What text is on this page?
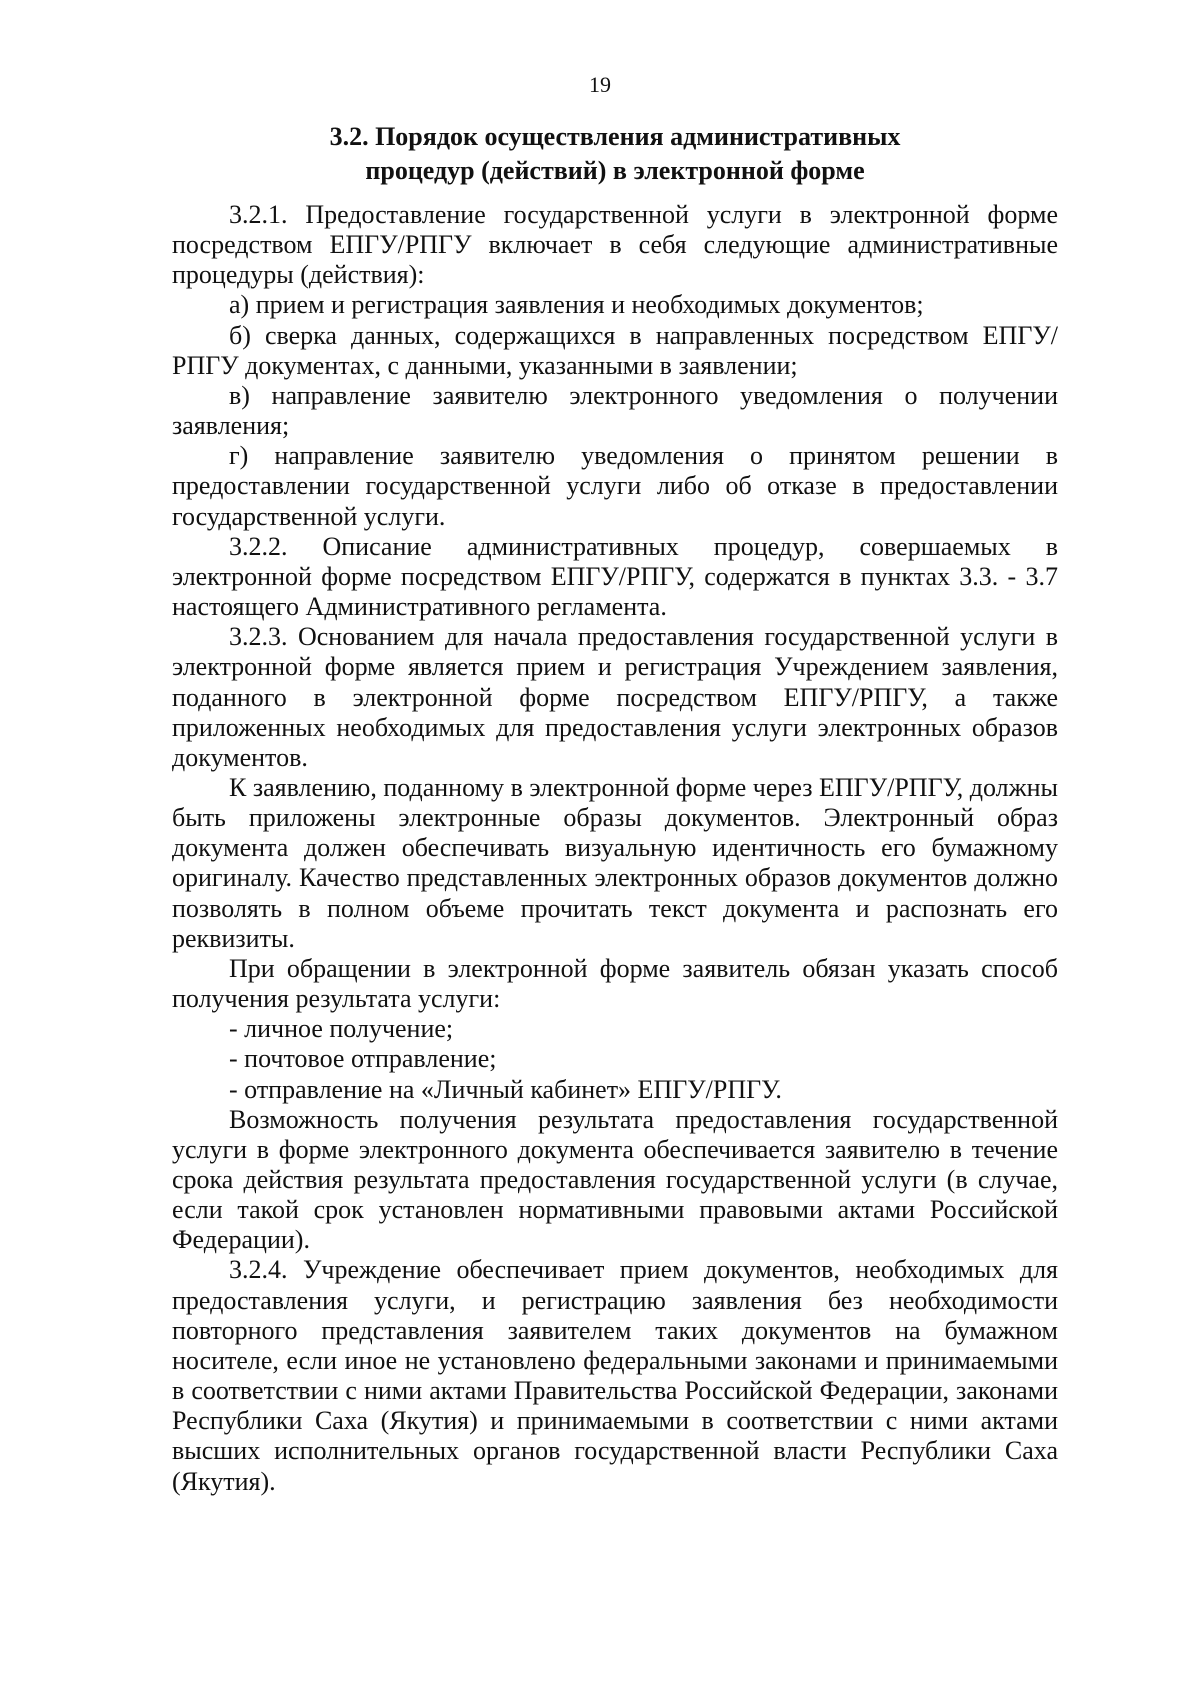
19
3.2. Порядок осуществления административных
процедур (действий) в электронной форме

3.2.1. Предоставление государственной услуги в электронной форме посредством ЕПГУ/РПГУ включает в себя следующие административные процедуры (действия):

а) прием и регистрация заявления и необходимых документов;

б) сверка данных, содержащихся в направленных посредством ЕПГУ/РПГУ документах, с данными, указанными в заявлении;

в) направление заявителю электронного уведомления о получении заявления;

г) направление заявителю уведомления о принятом решении в предоставлении государственной услуги либо об отказе в предоставлении государственной услуги.

3.2.2. Описание административных процедур, совершаемых в электронной форме посредством ЕПГУ/РПГУ, содержатся в пунктах 3.3. - 3.7 настоящего Административного регламента.

3.2.3. Основанием для начала предоставления государственной услуги в электронной форме является прием и регистрация Учреждением заявления, поданного в электронной форме посредством ЕПГУ/РПГУ, а также приложенных необходимых для предоставления услуги электронных образов документов.

К заявлению, поданному в электронной форме через ЕПГУ/РПГУ, должны быть приложены электронные образы документов. Электронный образ документа должен обеспечивать визуальную идентичность его бумажному оригиналу. Качество представленных электронных образов документов должно позволять в полном объеме прочитать текст документа и распознать его реквизиты.

При обращении в электронной форме заявитель обязан указать способ получения результата услуги:

- личное получение;

- почтовое отправление;

- отправление на «Личный кабинет» ЕПГУ/РПГУ.

Возможность получения результата предоставления государственной услуги в форме электронного документа обеспечивается заявителю в течение срока действия результата предоставления государственной услуги (в случае, если такой срок установлен нормативными правовыми актами Российской Федерации).

3.2.4. Учреждение обеспечивает прием документов, необходимых для предоставления услуги, и регистрацию заявления без необходимости повторного представления заявителем таких документов на бумажном носителе, если иное не установлено федеральными законами и принимаемыми в соответствии с ними актами Правительства Российской Федерации, законами Республики Саха (Якутия) и принимаемыми в соответствии с ними актами высших исполнительных органов государственной власти Республики Саха (Якутия).
